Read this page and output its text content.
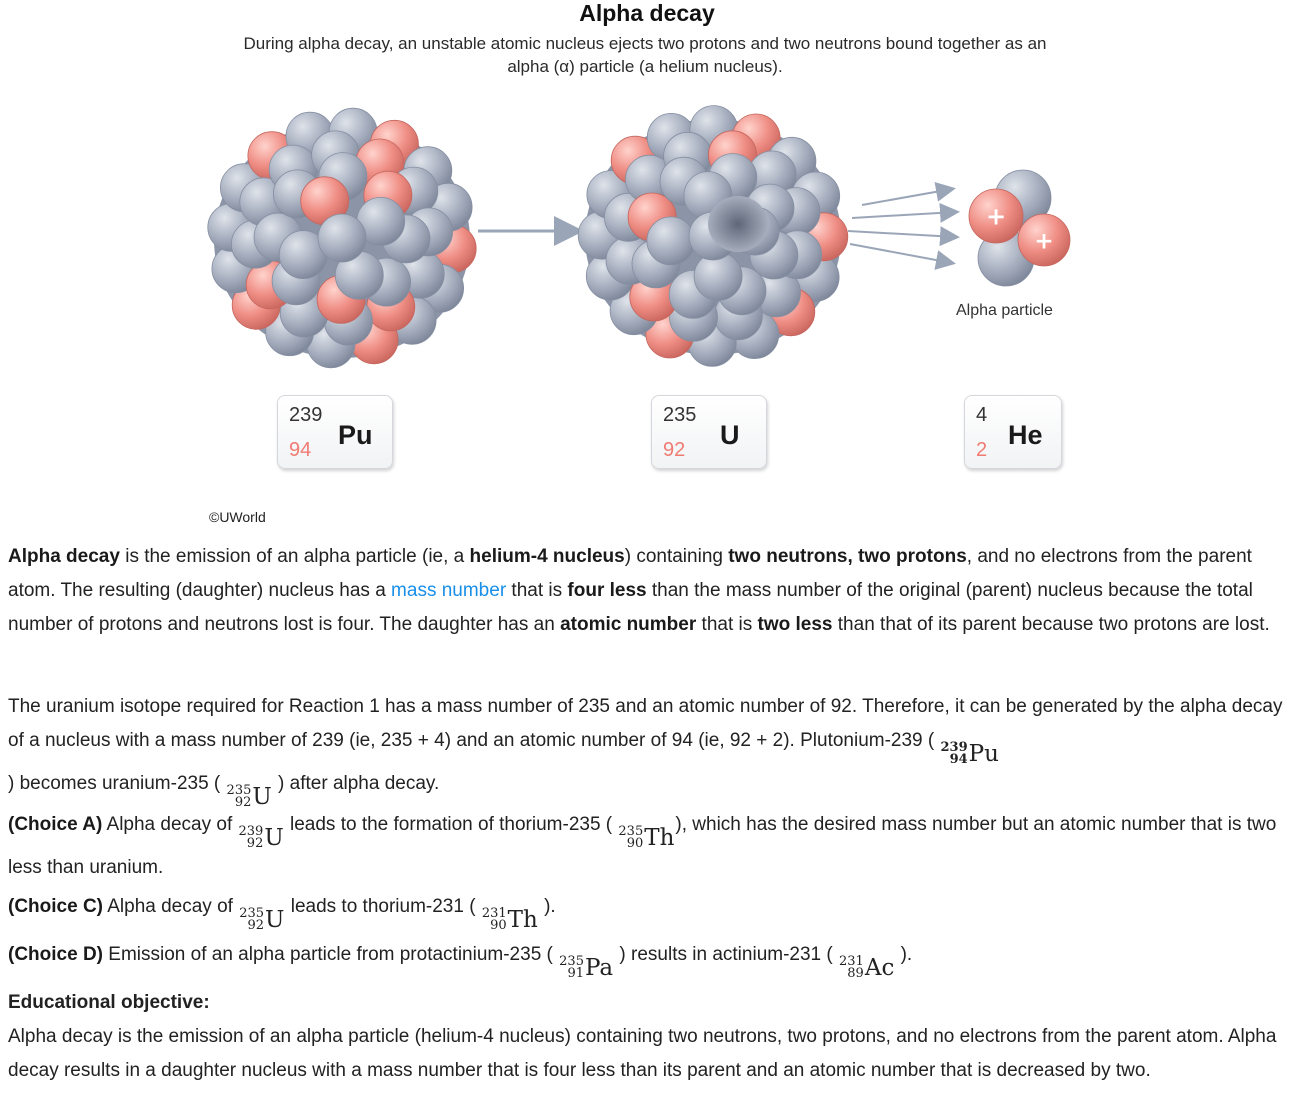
Alpha decay
During alpha decay, an unstable atomic nucleus ejects two protons and two neutrons bound together as an alpha (α) particle (a helium nucleus).
+
+
239
94 Pu
235
92 U
4
2 He
Alpha particle
©UWorld

Alpha decay is the emission of an alpha particle (ie, a helium-4 nucleus) containing two neutrons, two protons, and no electrons from the parent atom. The resulting (daughter) nucleus has a mass number that is four less than the mass number of the original (parent) nucleus because the total number of protons and neutrons lost is four. The daughter has an atomic number that is two less than that of its parent because two protons are lost.

The uranium isotope required for Reaction 1 has a mass number of 235 and an atomic number of 92. Therefore, it can be generated by the alpha decay of a nucleus with a mass number of 239 (ie, 235 + 4) and an atomic number of 94 (ie, 92 + 2). Plutonium-239 ( 239
94 Pu

) becomes uranium-235 ( 235
92 U
) after alpha decay.

(Choice A) Alpha decay of 239
92 U
leads to the formation of thorium-235 ( 235
90 Th
), which has the desired mass number but an atomic number that is two less than uranium.

(Choice C) Alpha decay of 235
92 U
leads to thorium-231 ( 231
90 Th
).

(Choice D) Emission of an alpha particle from protactinium-235 ( 235
91 Pa
) results in actinium-231 ( 231
89 Ac
).

Educational objective:

Alpha decay is the emission of an alpha particle (helium-4 nucleus) containing two neutrons, two protons, and no electrons from the parent atom. Alpha decay results in a daughter nucleus with a mass number that is four less than its parent and an atomic number that is decreased by two.
